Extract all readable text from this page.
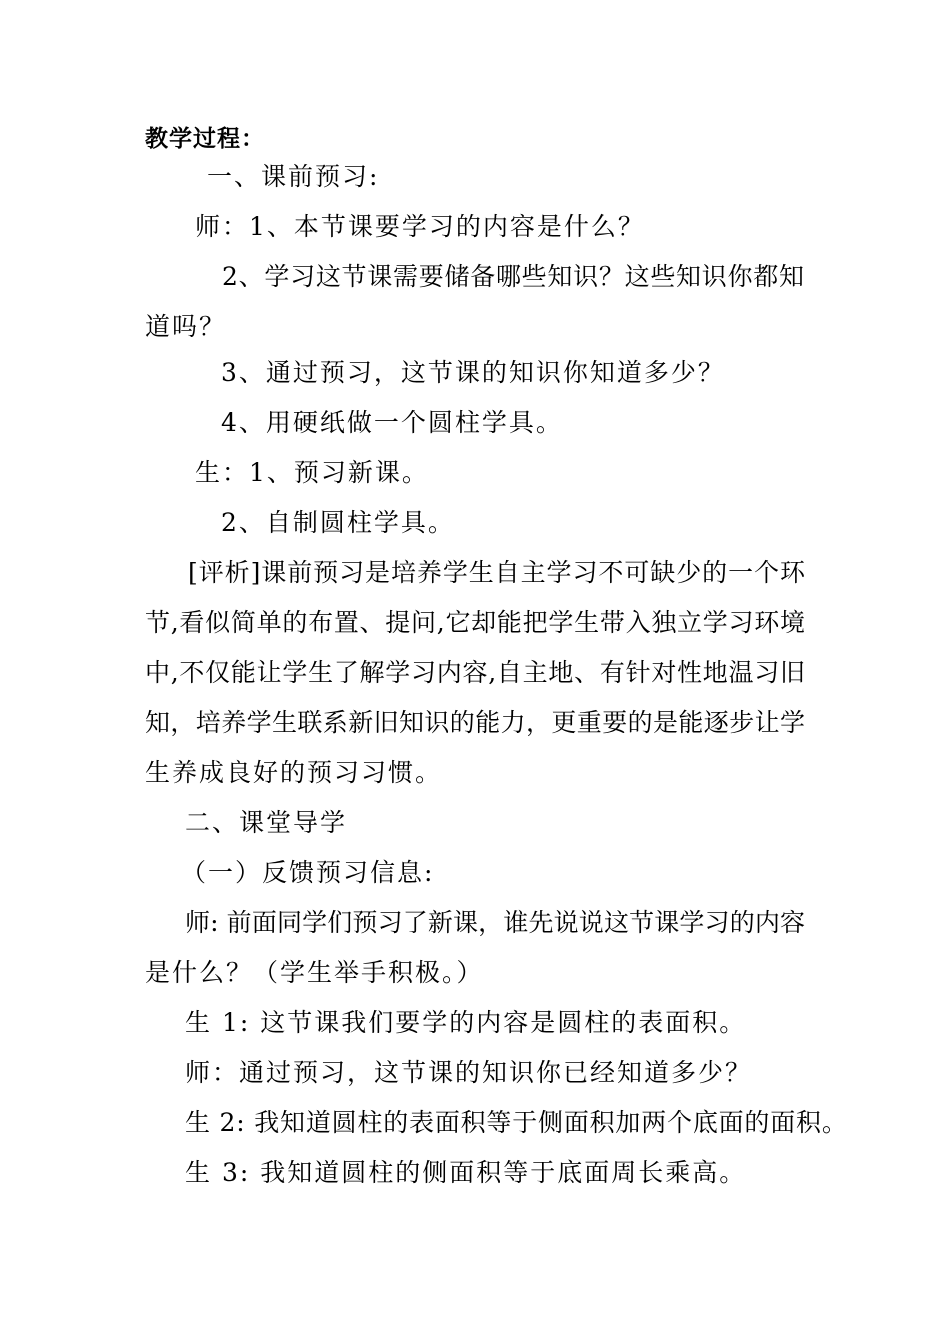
教学过程：
一、课前预习:
师：1、本节课要学习的内容是什么？
2、学习这节课需要储备哪些知识？这些知识你都知
道吗？
3、通过预习，这节课的知识你知道多少？
4、用硬纸做一个圆柱学具。
生：1、预习新课。
2、自制圆柱学具。
[评析]课前预习是培养学生自主学习不可缺少的一个环
节,看似简单的布置、提问,它却能把学生带入独立学习环境
中,不仅能让学生了解学习内容,自主地、有针对性地温习旧
知，培养学生联系新旧知识的能力，更重要的是能逐步让学
生养成良好的预习习惯。
二、课堂导学
（一）反馈预习信息:
师: 前面同学们预习了新课，谁先说说这节课学习的内容
是什么？（学生举手积极。）
生 1: 这节课我们要学的内容是圆柱的表面积。
师：通过预习，这节课的知识你已经知道多少？
生 2: 我知道圆柱的表面积等于侧面积加两个底面的面积。
生 3: 我知道圆柱的侧面积等于底面周长乘高。
